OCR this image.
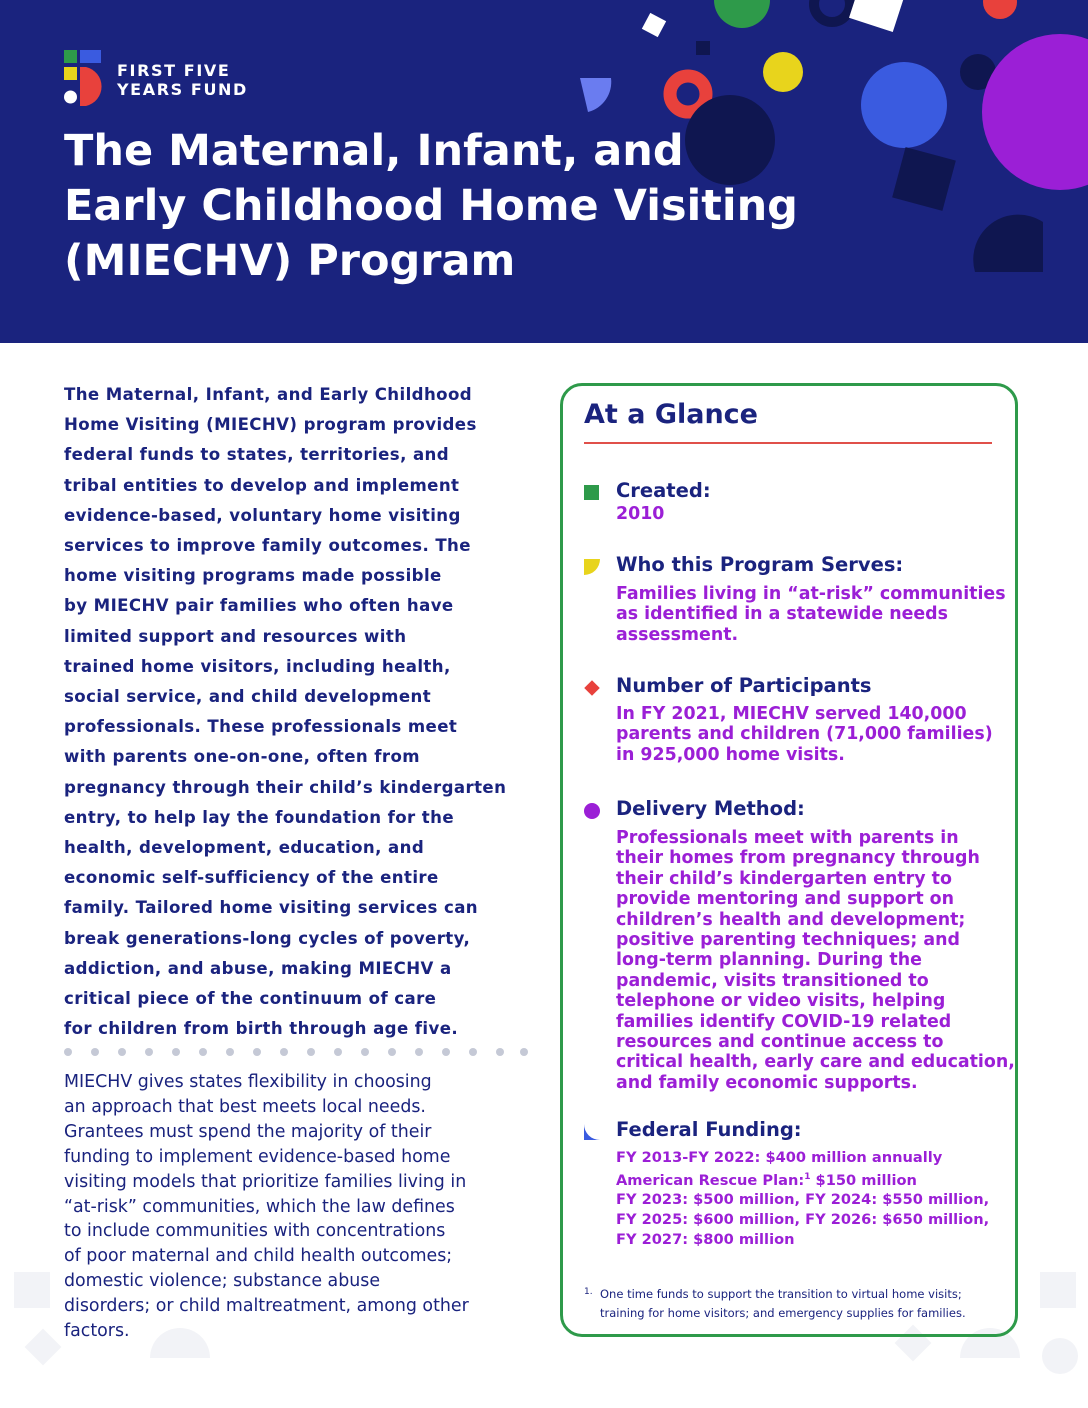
FIRST FIVE
YEARS FUND

The Maternal, Infant, and
Early Childhood Home Visiting
(MIECHV) Program

The Maternal, Infant, and Early Childhood
Home Visiting (MIECHV) program provides
federal funds to states, territories, and
tribal entities to develop and implement
evidence-based, voluntary home visiting
services to improve family outcomes. The
home visiting programs made possible
by MIECHV pair families who often have
limited support and resources with
trained home visitors, including health,
social service, and child development
professionals. These professionals meet
with parents one-on-one, often from
pregnancy through their child’s kindergarten
entry, to help lay the foundation for the
health, development, education, and
economic self-sufficiency of the entire
family. Tailored home visiting services can
break generations-long cycles of poverty,
addiction, and abuse, making MIECHV a
critical piece of the continuum of care
for children from birth through age five.

MIECHV gives states flexibility in choosing
an approach that best meets local needs.
Grantees must spend the majority of their
funding to implement evidence-based home
visiting models that prioritize families living in
“at-risk” communities, which the law defines
to include communities with concentrations
of poor maternal and child health outcomes;
domestic violence; substance abuse
disorders; or child maltreatment, among other
factors.

At a Glance
Created:

2010

Who this Program Serves:

Families living in “at-risk” communities
as identified in a statewide needs
assessment.

Number of Participants

In FY 2021, MIECHV served 140,000
parents and children (71,000 families)
in 925,000 home visits.

Delivery Method:

Professionals meet with parents in
their homes from pregnancy through
their child’s kindergarten entry to
provide mentoring and support on
children’s health and development;
positive parenting techniques; and
long-term planning. During the
pandemic, visits transitioned to
telephone or video visits, helping
families identify COVID-19 related
resources and continue access to
critical health, early care and education,
and family economic supports.

Federal Funding:

FY 2013-FY 2022: $400 million annually
American Rescue Plan:$^1$ $150 million
FY 2023: $500 million, FY 2024: $550 million,
FY 2025: $600 million, FY 2026: $650 million,
FY 2027: $800 million

1. One time funds to support the transition to virtual home visits;
training for home visitors; and emergency supplies for families.
